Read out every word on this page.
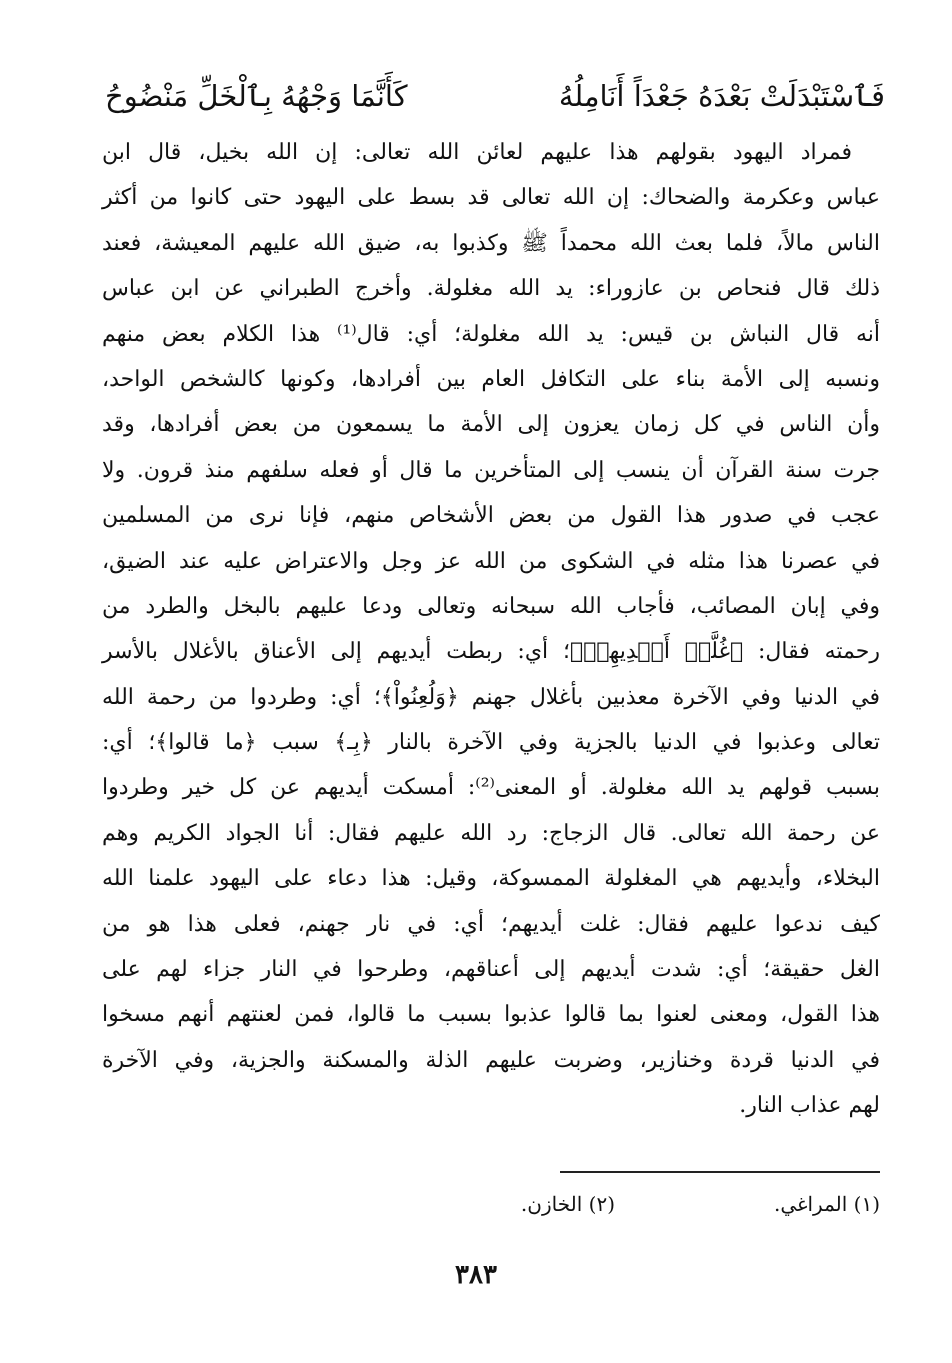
فَٱسْتَبْدَلَتْ بَعْدَهُ جَعْدَاً أَنَامِلُهُ
كَأَنَّمَا وَجْهُهُ بِٱلْخَلِّ مَنْضُوحُ
فمراد اليهود بقولهم هذا عليهم لعائن الله تعالى: إن الله بخيل، قال ابن
عباس وعكرمة والضحاك: إن الله تعالى قد بسط على اليهود حتى كانوا من أكثر
الناس مالاً، فلما بعث الله محمداً ﷺ وكذبوا به، ضيق الله عليهم المعيشة، فعند
ذلك قال فنحاص بن عازوراء: يد الله مغلولة. وأخرج الطبراني عن ابن عباس
أنه قال النباش بن قيس: يد الله مغلولة؛ أي: قال⁽¹⁾ هذا الكلام بعض منهم
ونسبه إلى الأمة بناء على التكافل العام بين أفرادها، وكونها كالشخص الواحد،
وأن الناس في كل زمان يعزون إلى الأمة ما يسمعون من بعض أفرادها، وقد
جرت سنة القرآن أن ينسب إلى المتأخرين ما قال أو فعله سلفهم منذ قرون. ولا
عجب في صدور هذا القول من بعض الأشخاص منهم، فإنا نرى من المسلمين
في عصرنا هذا مثله في الشكوى من الله عز وجل والاعتراض عليه عند الضيق،
وفي إبان المصائب، فأجاب الله سبحانه وتعالى ودعا عليهم بالبخل والطرد من
رحمته فقال: ﴿غُلَّتۡ أَيۡدِيهِمۡ﴾؛ أي: ربطت أيديهم إلى الأعناق بالأغلال بالأسر
في الدنيا وفي الآخرة معذبين بأغلال جهنم ﴿وَلُعِنُواْ﴾؛ أي: وطردوا من رحمة الله
تعالى وعذبوا في الدنيا بالجزية وفي الآخرة بالنار ﴿بِـ﴾ سبب ﴿ما قالوا﴾؛ أي:
بسبب قولهم يد الله مغلولة. أو المعنى⁽²⁾: أمسكت أيديهم عن كل خير وطردوا
عن رحمة الله تعالى. قال الزجاج: رد الله عليهم فقال: أنا الجواد الكريم وهم
البخلاء، وأيديهم هي المغلولة الممسوكة، وقيل: هذا دعاء على اليهود علمنا الله
كيف ندعوا عليهم فقال: غلت أيديهم؛ أي: في نار جهنم، فعلى هذا هو من
الغل حقيقة؛ أي: شدت أيديهم إلى أعناقهم، وطرحوا في النار جزاء لهم على
هذا القول، ومعنى لعنوا بما قالوا عذبوا بسبب ما قالوا، فمن لعنتهم أنهم مسخوا
في الدنيا قردة وخنازير، وضربت عليهم الذلة والمسكنة والجزية، وفي الآخرة
لهم عذاب النار.
(١) المراغي.
(٢) الخازن.
٣٨٣
